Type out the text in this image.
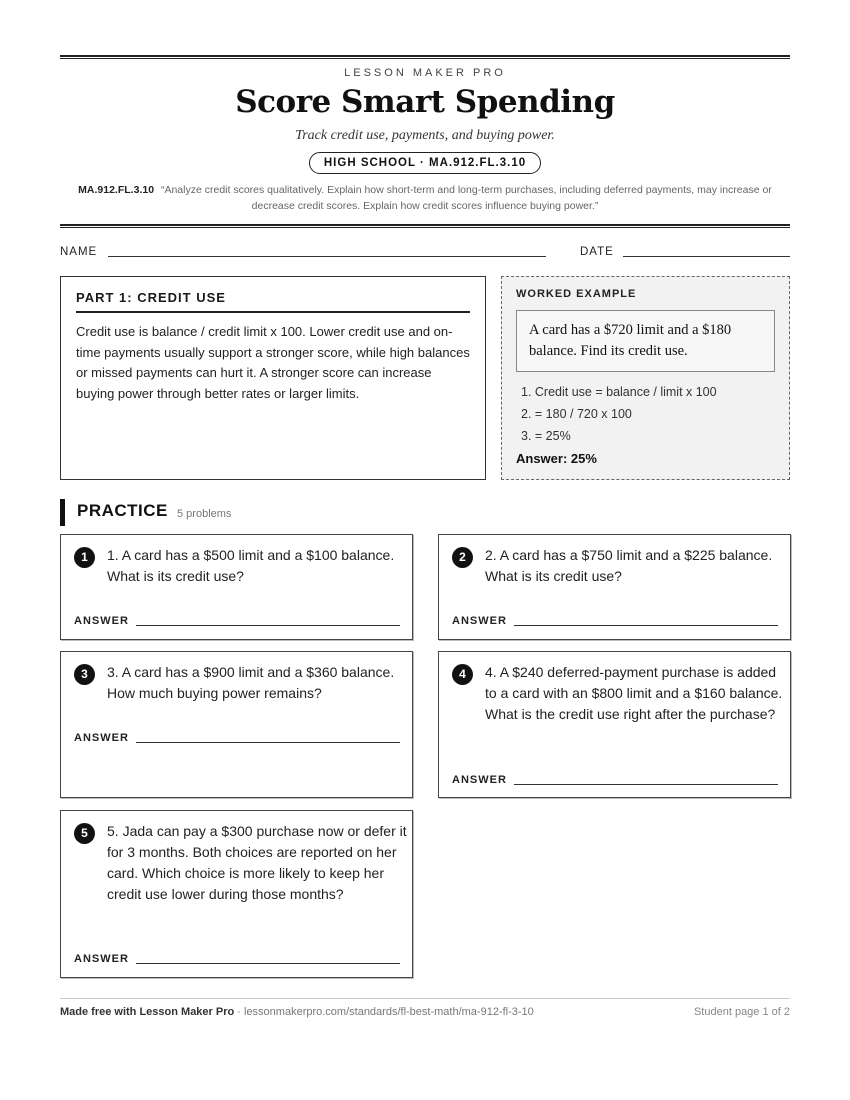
LESSON MAKER PRO
Score Smart Spending
Track credit use, payments, and buying power.
HIGH SCHOOL · MA.912.FL.3.10
MA.912.FL.3.10 “Analyze credit scores qualitatively. Explain how short-term and long-term purchases, including deferred payments, may increase or decrease credit scores. Explain how credit scores influence buying power.”
NAME	DATE
PART 1: CREDIT USE
Credit use is balance / credit limit x 100. Lower credit use and on-time payments usually support a stronger score, while high balances or missed payments can hurt it. A stronger score can increase buying power through better rates or larger limits.
WORKED EXAMPLE
A card has a $720 limit and a $180 balance. Find its credit use.
1. Credit use = balance / limit x 100
2. = 180 / 720 x 100
3. = 25%
Answer: 25%
PRACTICE 5 problems
1	1. A card has a $500 limit and a $100 balance. What is its credit use?
ANSWER
2	2. A card has a $750 limit and a $225 balance. What is its credit use?
ANSWER
3	3. A card has a $900 limit and a $360 balance. How much buying power remains?
ANSWER
4	4. A $240 deferred-payment purchase is added to a card with an $800 limit and a $160 balance. What is the credit use right after the purchase?
ANSWER
5	5. Jada can pay a $300 purchase now or defer it for 3 months. Both choices are reported on her card. Which choice is more likely to keep her credit use lower during those months?
ANSWER
Made free with Lesson Maker Pro · lessonmakerpro.com/standards/fl-best-math/ma-912-fl-3-10	Student page 1 of 2
